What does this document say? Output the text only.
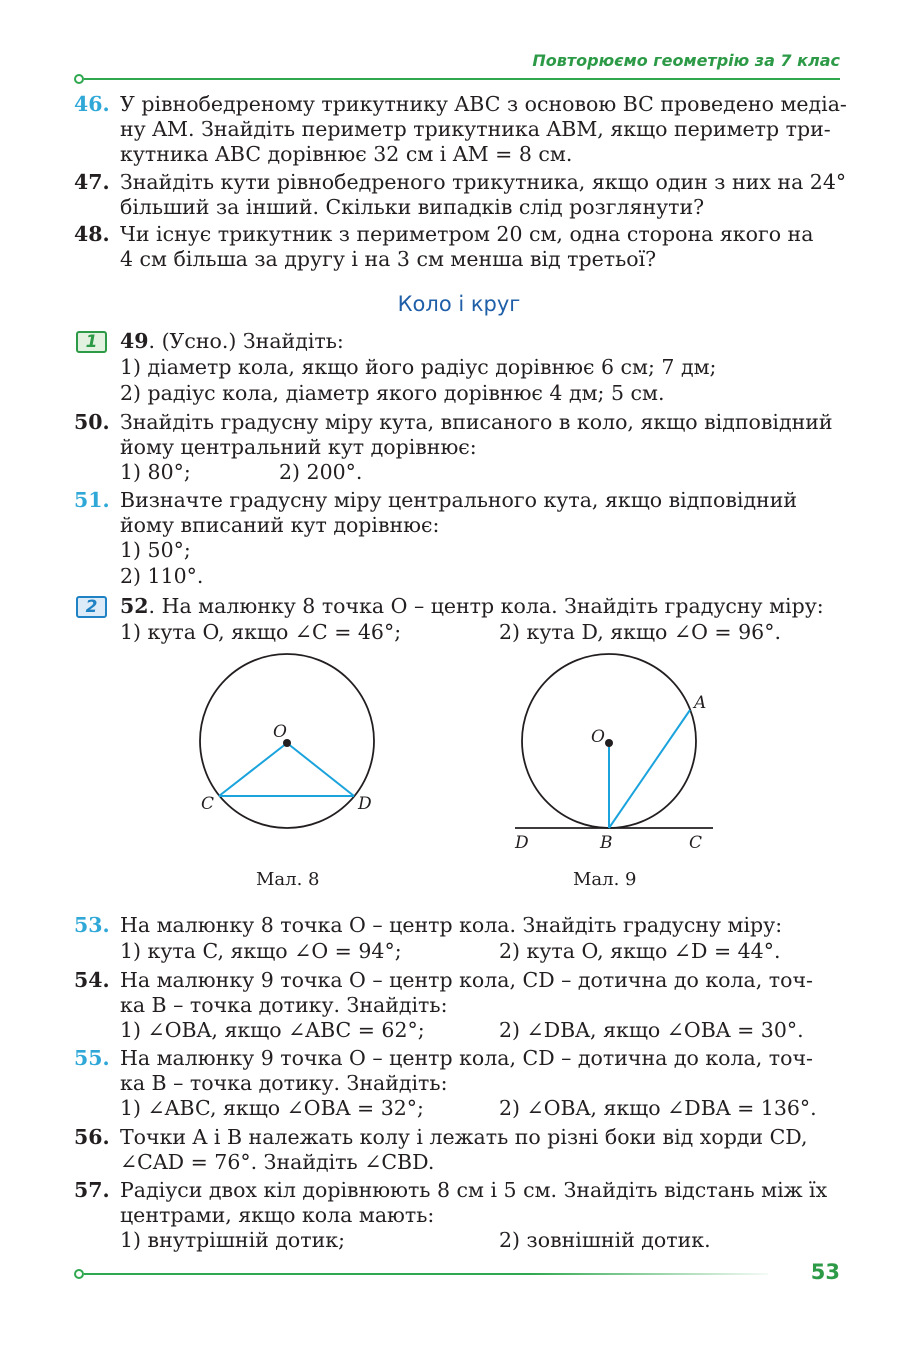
Повторюємо геометрію за 7 клас
46. У рівнобедреному трикутнику ABC з основою BC проведено медіа-
ну AM. Знайдіть периметр трикутника ABM, якщо периметр три-
кутника ABC дорівнює 32 см і AM = 8 см.
47. Знайдіть кути рівнобедреного трикутника, якщо один з них на 24°
більший за інший. Скільки випадків слід розглянути?
48. Чи існує трикутник з периметром 20 см, одна сторона якого на
4 см більша за другу і на 3 см менша від третьої?
Коло і круг
1	49. (Усно.) Знайдіть:
1) діаметр кола, якщо його радіус дорівнює 6 см; 7 дм;
2) радіус кола, діаметр якого дорівнює 4 дм; 5 см.
50. Знайдіть градусну міру кута, вписаного в коло, якщо відповідний
йому центральний кут дорівнює:
1) 80°;	2) 200°.
51. Визначте градусну міру центрального кута, якщо відповідний
йому вписаний кут дорівнює:
1) 50°;
2) 110°.
2	52. На малюнку 8 точка O – центр кола. Знайдіть градусну міру:
1) кута O, якщо ∠C = 46°;	2) кута D, якщо ∠O = 96°.
O
C	D
O
A
B	C
D
Мал. 8	Мал. 9
53. На малюнку 8 точка O – центр кола. Знайдіть градусну міру:
1) кута C, якщо ∠O = 94°;	2) кута O, якщо ∠D = 44°.
54. На малюнку 9 точка O – центр кола, CD – дотична до кола, точ-
ка B – точка дотику. Знайдіть:
1) ∠OBA, якщо ∠ABC = 62°;	2) ∠DBA, якщо ∠OBA = 30°.
55. На малюнку 9 точка O – центр кола, CD – дотична до кола, точ-
ка B – точка дотику. Знайдіть:
1) ∠ABC, якщо ∠OBA = 32°;	2) ∠OBA, якщо ∠DBA = 136°.
56. Точки A і B належать колу і лежать по різні боки від хорди CD,
∠CAD = 76°. Знайдіть ∠CBD.
57. Радіуси двох кіл дорівнюють 8 см і 5 см. Знайдіть відстань між їх
центрами, якщо кола мають:
1) внутрішній дотик;	2) зовнішній дотик.
53
